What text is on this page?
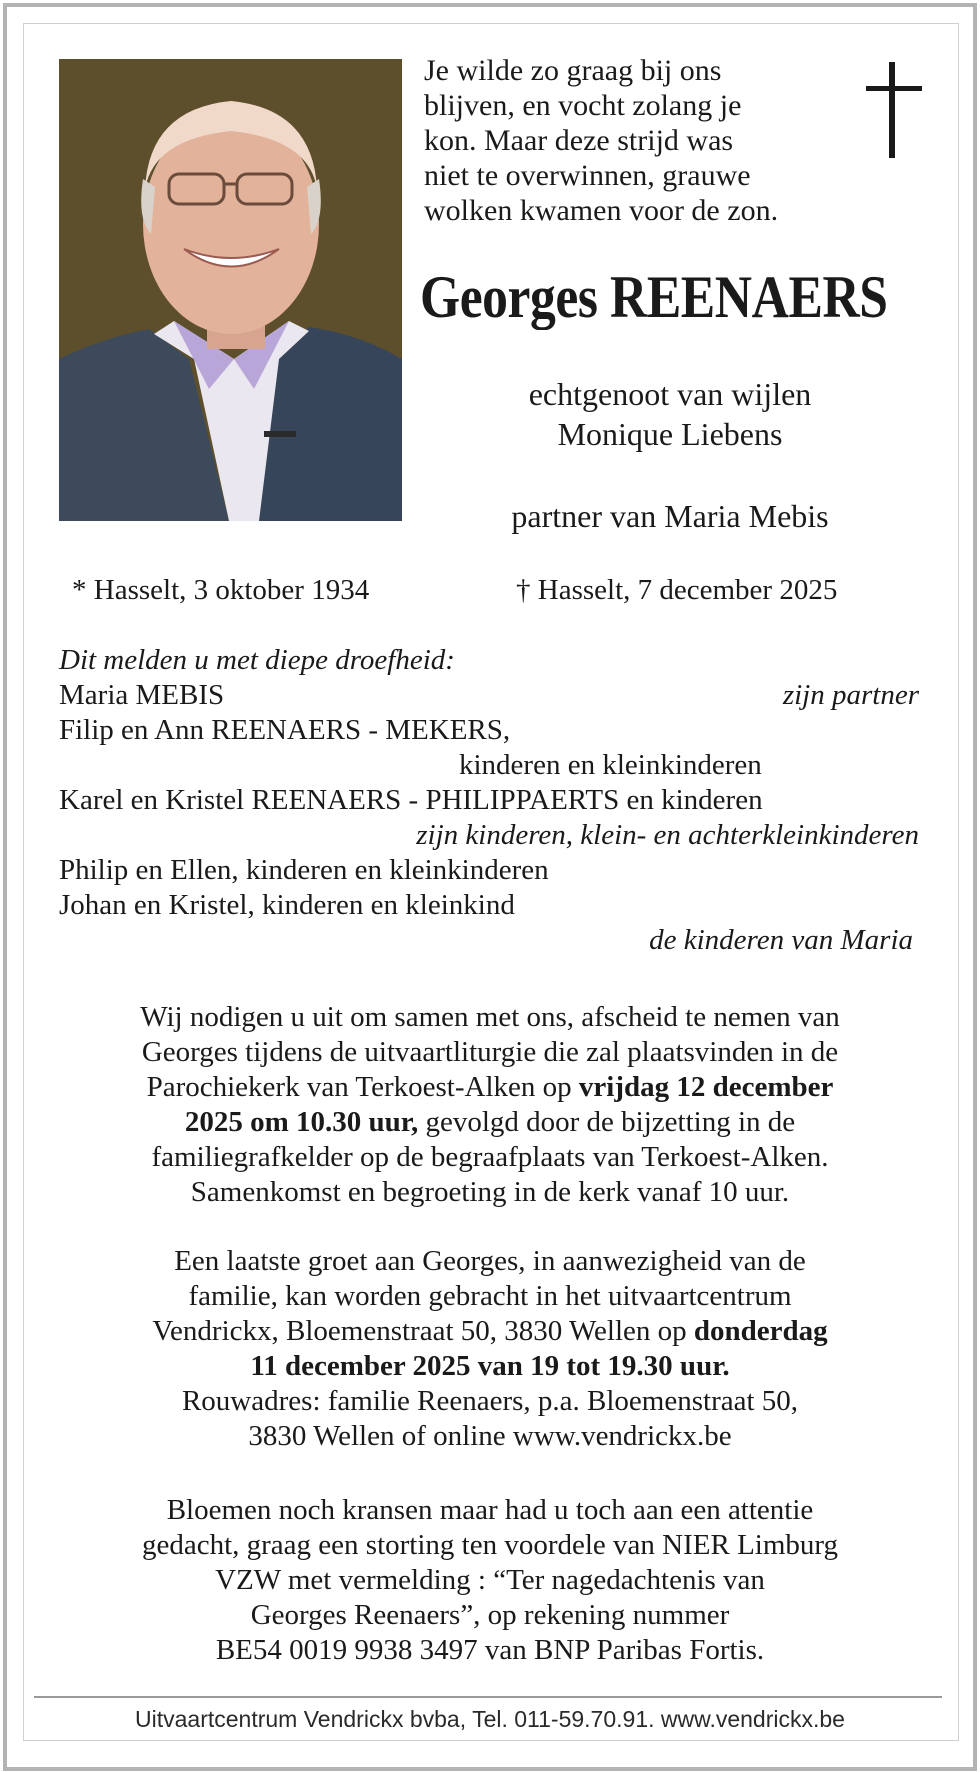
Je wilde zo graag bij ons
blijven, en vocht zolang je
kon. Maar deze strijd was
niet te overwinnen, grauwe
wolken kwamen voor de zon.
Georges REENAERS
echtgenoot van wijlen
Monique Liebens
partner van Maria Mebis
* Hasselt, 3 oktober 1934	† Hasselt, 7 december 2025
Dit melden u met diepe droefheid:
Maria MEBIS	zijn partner
Filip en Ann REENAERS - MEKERS,
kinderen en kleinkinderen
Karel en Kristel REENAERS - PHILIPPAERTS en kinderen
zijn kinderen, klein- en achterkleinkinderen
Philip en Ellen, kinderen en kleinkinderen
Johan en Kristel, kinderen en kleinkind
de kinderen van Maria
Wij nodigen u uit om samen met ons, afscheid te nemen van
Georges tijdens de uitvaartliturgie die zal plaatsvinden in de
Parochiekerk van Terkoest-Alken op vrijdag 12 december
2025 om 10.30 uur, gevolgd door de bijzetting in de
familiegrafkelder op de begraafplaats van Terkoest-Alken.
Samenkomst en begroeting in de kerk vanaf 10 uur.
Een laatste groet aan Georges, in aanwezigheid van de
familie, kan worden gebracht in het uitvaartcentrum
Vendrickx, Bloemenstraat 50, 3830 Wellen op donderdag
11 december 2025 van 19 tot 19.30 uur.
Rouwadres: familie Reenaers, p.a. Bloemenstraat 50,
3830 Wellen of online www.vendrickx.be
Bloemen noch kransen maar had u toch aan een attentie
gedacht, graag een storting ten voordele van NIER Limburg
VZW met vermelding : “Ter nagedachtenis van
Georges Reenaers”, op rekening nummer
BE54 0019 9938 3497 van BNP Paribas Fortis.
Uitvaartcentrum Vendrickx bvba, Tel. 011-59.70.91. www.vendrickx.be
